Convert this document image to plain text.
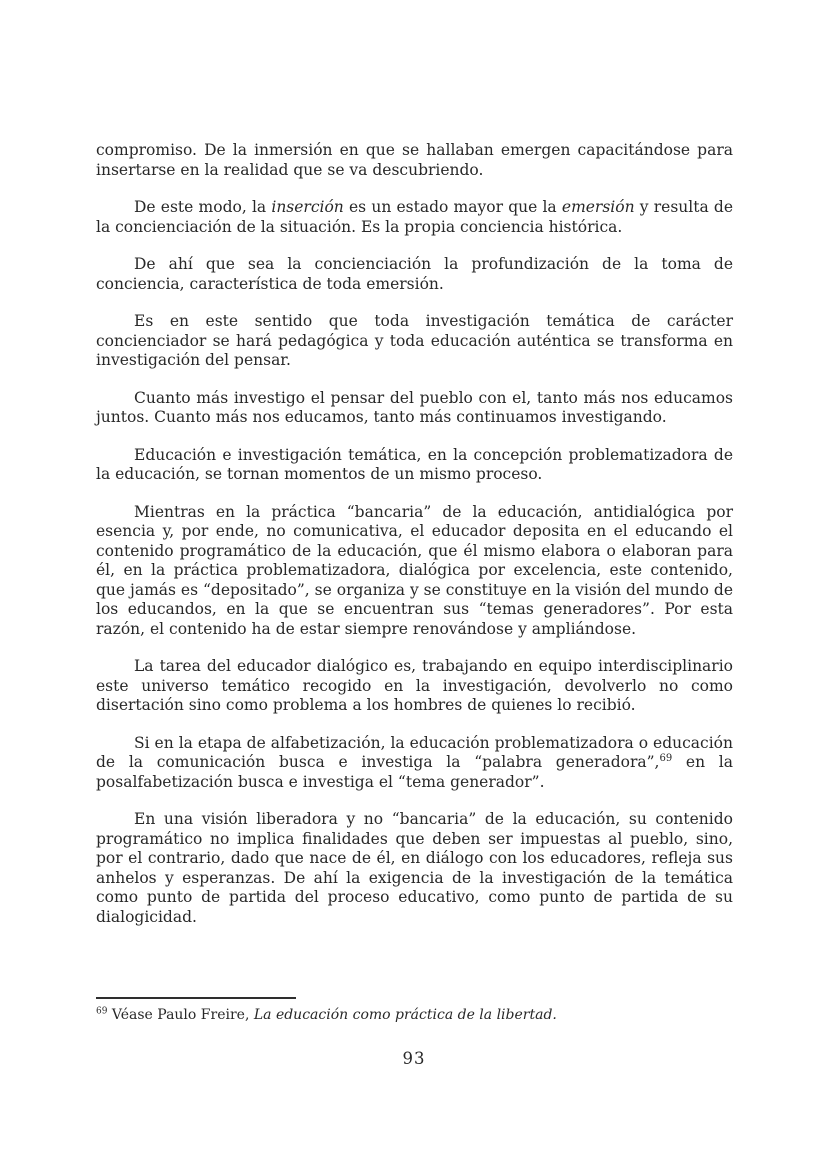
compromiso. De la inmersión en que se hallaban emergen capacitándose para insertarse en la realidad que se va descubriendo.

De este modo, la inserción es un estado mayor que la emersión y resulta de la concienciación de la situación. Es la propia conciencia histórica.

De ahí que sea la concienciación la profundización de la toma de conciencia, característica de toda emersión.

Es en este sentido que toda investigación temática de carácter concienciador se hará pedagógica y toda educación auténtica se transforma en investigación del pensar.

Cuanto más investigo el pensar del pueblo con el, tanto más nos educamos juntos. Cuanto más nos educamos, tanto más continuamos investigando.

Educación e investigación temática, en la concepción problematizadora de la educación, se tornan momentos de un mismo proceso.

Mientras en la práctica “bancaria” de la educación, antidialógica por esencia y, por ende, no comunicativa, el educador deposita en el educando el contenido programático de la educación, que él mismo elabora o elaboran para él, en la práctica problematizadora, dialógica por excelencia, este contenido, que jamás es “depositado”, se organiza y se constituye en la visión del mundo de los educandos, en la que se encuentran sus “temas generadores”. Por esta razón, el contenido ha de estar siempre renovándose y ampliándose.

La tarea del educador dialógico es, trabajando en equipo interdisciplinario este universo temático recogido en la investigación, devolverlo no como disertación sino como problema a los hombres de quienes lo recibió.

Si en la etapa de alfabetización, la educación problematizadora o educación de la comunicación busca e investiga la “palabra generadora”,$^{69}$ en la posalfabetización busca e investiga el “tema generador”.

En una visión liberadora y no “bancaria” de la educación, su contenido programático no implica finalidades que deben ser impuestas al pueblo, sino, por el contrario, dado que nace de él, en diálogo con los educadores, refleja sus anhelos y esperanzas. De ahí la exigencia de la investigación de la temática como punto de partida del proceso educativo, como punto de partida de su dialogicidad.

$^{69}$ Véase Paulo Freire, La educación como práctica de la libertad.
93
